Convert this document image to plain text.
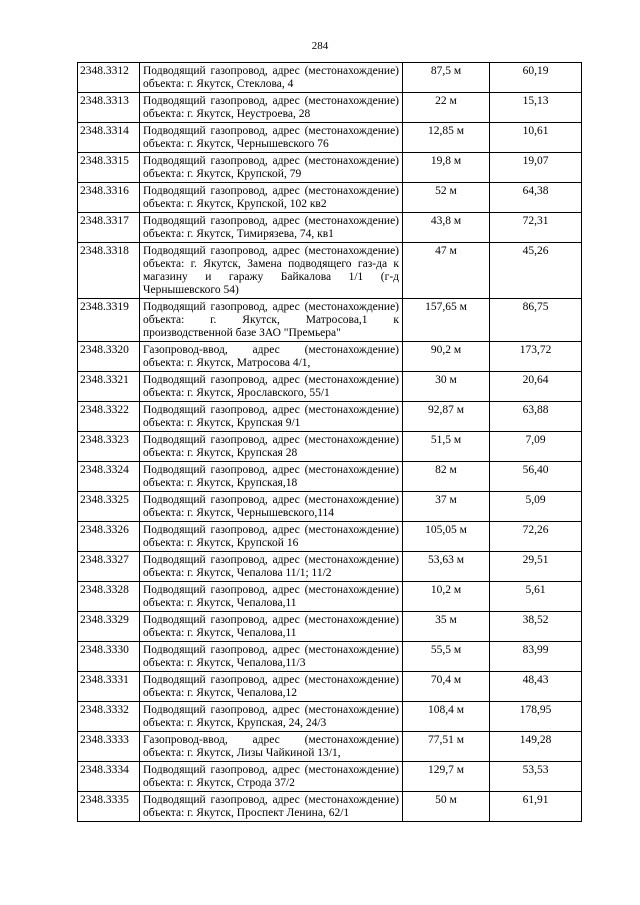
284
2348.3312	Подводящий газопровод, адрес (местонахождение) объекта: г. Якутск, Стеклова, 4	87,5 м	60,19
2348.3313	Подводящий газопровод, адрес (местонахождение) объекта: г. Якутск, Неустроева, 28	22 м	15,13
2348.3314	Подводящий газопровод, адрес (местонахождение) объекта: г. Якутск, Чернышевского 76	12,85 м	10,61
2348.3315	Подводящий газопровод, адрес (местонахождение) объекта: г. Якутск, Крупской, 79	19,8 м	19,07
2348.3316	Подводящий газопровод, адрес (местонахождение) объекта: г. Якутск, Крупской, 102 кв2	52 м	64,38
2348.3317	Подводящий газопровод, адрес (местонахождение) объекта: г. Якутск, Тимирязева, 74, кв1	43,8 м	72,31
2348.3318	Подводящий газопровод, адрес (местонахождение) объекта: г. Якутск, Замена подводящего газ-да к магазину и гаражу Байкалова 1/1 (г-д Чернышевского 54)	47 м	45,26
2348.3319	Подводящий газопровод, адрес (местонахождение) объекта: г. Якутск, Матросова,1 к производственной базе ЗАО "Премьера"	157,65 м	86,75
2348.3320	Газопровод-ввод, адрес (местонахождение) объекта: г. Якутск, Матросова 4/1,	90,2 м	173,72
2348.3321	Подводящий газопровод, адрес (местонахождение) объекта: г. Якутск, Ярославского, 55/1	30 м	20,64
2348.3322	Подводящий газопровод, адрес (местонахождение) объекта: г. Якутск, Крупская 9/1	92,87 м	63,88
2348.3323	Подводящий газопровод, адрес (местонахождение) объекта: г. Якутск, Крупская 28	51,5 м	7,09
2348.3324	Подводящий газопровод, адрес (местонахождение) объекта: г. Якутск, Крупская,18	82 м	56,40
2348.3325	Подводящий газопровод, адрес (местонахождение) объекта: г. Якутск, Чернышевского,114	37 м	5,09
2348.3326	Подводящий газопровод, адрес (местонахождение) объекта: г. Якутск, Крупской 16	105,05 м	72,26
2348.3327	Подводящий газопровод, адрес (местонахождение) объекта: г. Якутск, Чепалова 11/1; 11/2	53,63 м	29,51
2348.3328	Подводящий газопровод, адрес (местонахождение) объекта: г. Якутск, Чепалова,11	10,2 м	5,61
2348.3329	Подводящий газопровод, адрес (местонахождение) объекта: г. Якутск, Чепалова,11	35 м	38,52
2348.3330	Подводящий газопровод, адрес (местонахождение) объекта: г. Якутск, Чепалова,11/3	55,5 м	83,99
2348.3331	Подводящий газопровод, адрес (местонахождение) объекта: г. Якутск, Чепалова,12	70,4 м	48,43
2348.3332	Подводящий газопровод, адрес (местонахождение) объекта: г. Якутск, Крупская, 24, 24/3	108,4 м	178,95
2348.3333	Газопровод-ввод, адрес (местонахождение) объекта: г. Якутск, Лизы Чайкиной 13/1,	77,51 м	149,28
2348.3334	Подводящий газопровод, адрес (местонахождение) объекта: г. Якутск, Строда 37/2	129,7 м	53,53
2348.3335	Подводящий газопровод, адрес (местонахождение) объекта: г. Якутск, Проспект Ленина, 62/1	50 м	61,91
